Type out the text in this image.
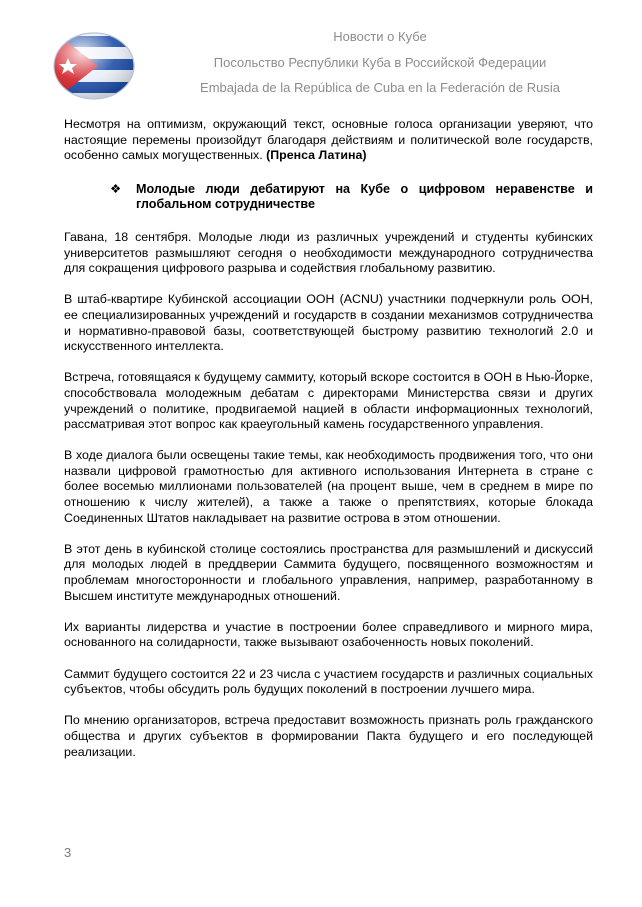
Новости о Кубе
Посольство Республики Куба в Российской Федерации
Embajada de la República de Cuba en la Federación de Rusia

Несмотря на оптимизм, окружающий текст, основные голоса организации уверяют, что настоящие перемены произойдут благодаря действиям и политической воле государств, особенно самых могущественных. (Пренса Латина)

❖	Молодые люди дебатируют на Кубе о цифровом неравенстве и глобальном сотрудничестве

Гавана, 18 сентября. Молодые люди из различных учреждений и студенты кубинских университетов размышляют сегодня о необходимости международного сотрудничества для сокращения цифрового разрыва и содействия глобальному развитию.

В штаб-квартире Кубинской ассоциации ООН (ACNU) участники подчеркнули роль ООН, ее специализированных учреждений и государств в создании механизмов сотрудничества и нормативно-правовой базы, соответствующей быстрому развитию технологий 2.0 и искусственного интеллекта.

Встреча, готовящаяся к будущему саммиту, который вскоре состоится в ООН в Нью-Йорке, способствовала молодежным дебатам с директорами Министерства связи и других учреждений о политике, продвигаемой нацией в области информационных технологий, рассматривая этот вопрос как краеугольный камень государственного управления.

В ходе диалога были освещены такие темы, как необходимость продвижения того, что они назвали цифровой грамотностью для активного использования Интернета в стране с более восемью миллионами пользователей (на процент выше, чем в среднем в мире по отношению к числу жителей), а также а также о препятствиях, которые блокада Соединенных Штатов накладывает на развитие острова в этом отношении.

В этот день в кубинской столице состоялись пространства для размышлений и дискуссий для молодых людей в преддверии Саммита будущего, посвященного возможностям и проблемам многосторонности и глобального управления, например, разработанному в Высшем институте международных отношений.

Их варианты лидерства и участие в построении более справедливого и мирного мира, основанного на солидарности, также вызывают озабоченность новых поколений.

Саммит будущего состоится 22 и 23 числа с участием государств и различных социальных субъектов, чтобы обсудить роль будущих поколений в построении лучшего мира.

По мнению организаторов, встреча предоставит возможность признать роль гражданского общества и других субъектов в формировании Пакта будущего и его последующей реализации.

3
